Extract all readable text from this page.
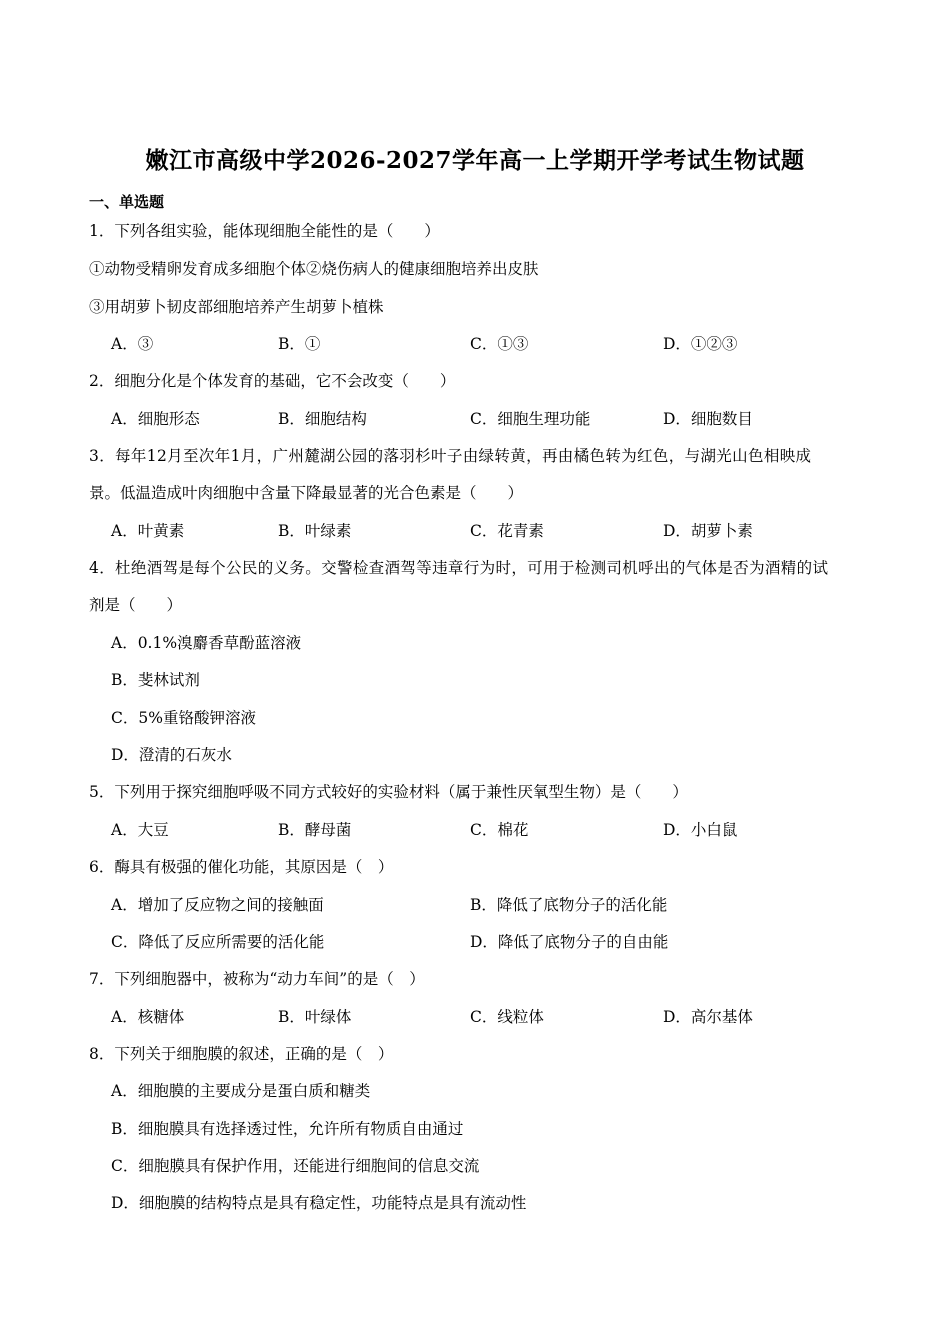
嫩江市高级中学2026-2027学年高一上学期开学考试生物试题
一、单选题
1．下列各组实验，能体现细胞全能性的是（　　）
①动物受精卵发育成多细胞个体②烧伤病人的健康细胞培养出皮肤
③用胡萝卜韧皮部细胞培养产生胡萝卜植株
A．③	B．①	C．①③	D．①②③
2．细胞分化是个体发育的基础，它不会改变（　　）
A．细胞形态	B．细胞结构	C．细胞生理功能	D．细胞数目
3．每年12月至次年1月，广州麓湖公园的落羽杉叶子由绿转黄，再由橘色转为红色，与湖光山色相映成
景。低温造成叶肉细胞中含量下降最显著的光合色素是（　　）
A．叶黄素	B．叶绿素	C．花青素	D．胡萝卜素
4．杜绝酒驾是每个公民的义务。交警检查酒驾等违章行为时，可用于检测司机呼出的气体是否为酒精的试
剂是（　　）
A．0.1%溴麝香草酚蓝溶液
B．斐林试剂
C．5%重铬酸钾溶液
D．澄清的石灰水
5．下列用于探究细胞呼吸不同方式较好的实验材料（属于兼性厌氧型生物）是（　　）
A．大豆	B．酵母菌	C．棉花	D．小白鼠
6．酶具有极强的催化功能，其原因是（　）
A．增加了反应物之间的接触面	B．降低了底物分子的活化能
C．降低了反应所需要的活化能	D．降低了底物分子的自由能
7．下列细胞器中，被称为“动力车间”的是（　）
A．核糖体	B．叶绿体	C．线粒体	D．高尔基体
8．下列关于细胞膜的叙述，正确的是（　）
A．细胞膜的主要成分是蛋白质和糖类
B．细胞膜具有选择透过性，允许所有物质自由通过
C．细胞膜具有保护作用，还能进行细胞间的信息交流
D．细胞膜的结构特点是具有稳定性，功能特点是具有流动性
